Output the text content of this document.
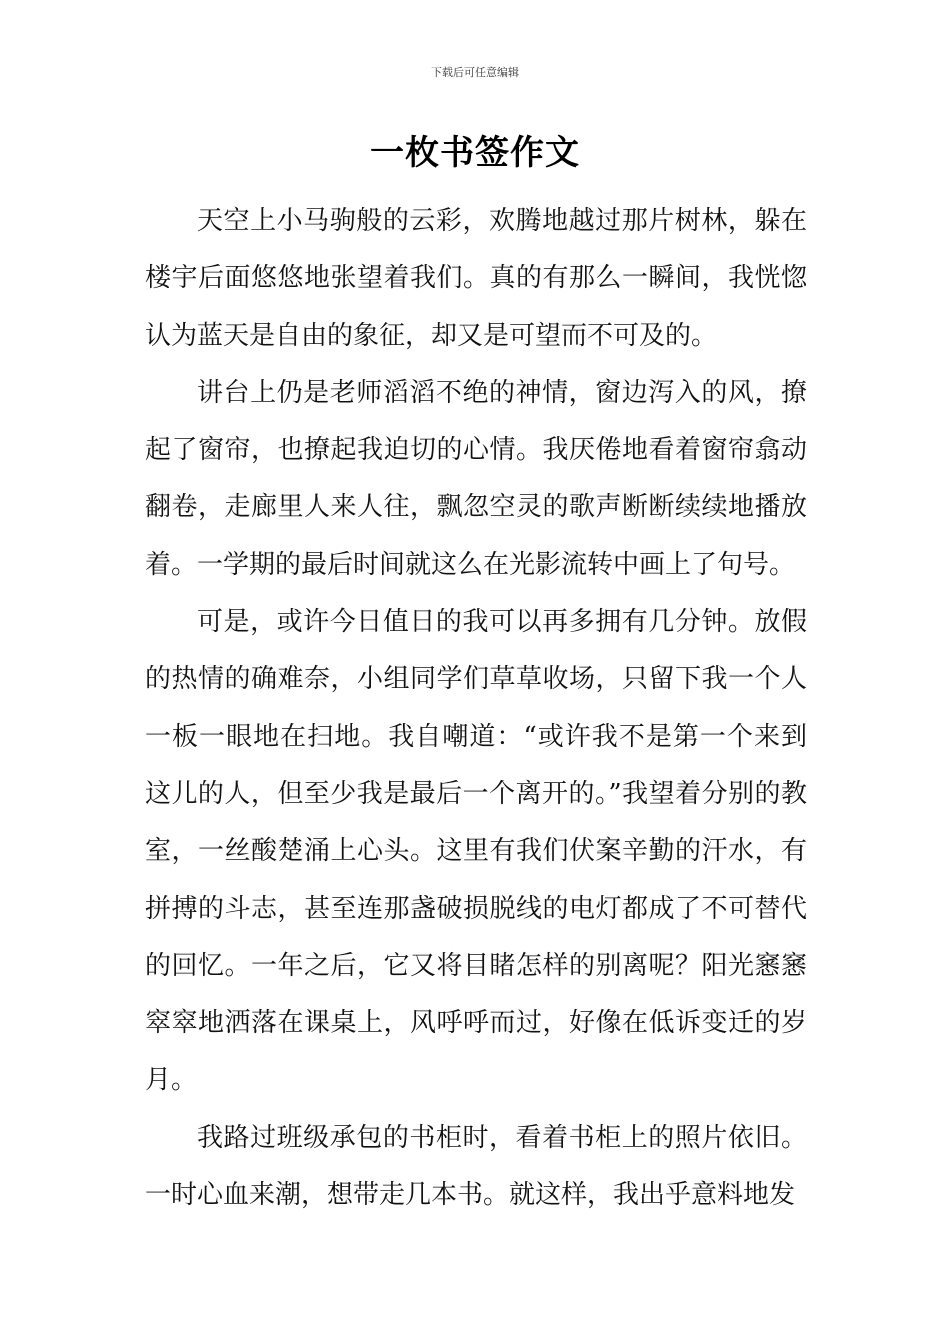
下载后可任意编辑
一枚书签作文

天空上小马驹般的云彩，欢腾地越过那片树林，躲在楼宇后面悠悠地张望着我们。真的有那么一瞬间，我恍惚认为蓝天是自由的象征，却又是可望而不可及的。

讲台上仍是老师滔滔不绝的神情，窗边泻入的风，撩起了窗帘，也撩起我迫切的心情。我厌倦地看着窗帘翕动翻卷，走廊里人来人往，飘忽空灵的歌声断断续续地播放着。一学期的最后时间就这么在光影流转中画上了句号。

可是，或许今日值日的我可以再多拥有几分钟。放假的热情的确难奈，小组同学们草草收场，只留下我一个人一板一眼地在扫地。我自嘲道：“或许我不是第一个来到这儿的人，但至少我是最后一个离开的。”我望着分别的教室，一丝酸楚涌上心头。这里有我们伏案辛勤的汗水，有拼搏的斗志，甚至连那盏破损脱线的电灯都成了不可替代的回忆。一年之后，它又将目睹怎样的别离呢？阳光窸窸窣窣地洒落在课桌上，风呼呼而过，好像在低诉变迁的岁月。

我路过班级承包的书柜时，看着书柜上的照片依旧。一时心血来潮，想带走几本书。就这样，我出乎意料地发
